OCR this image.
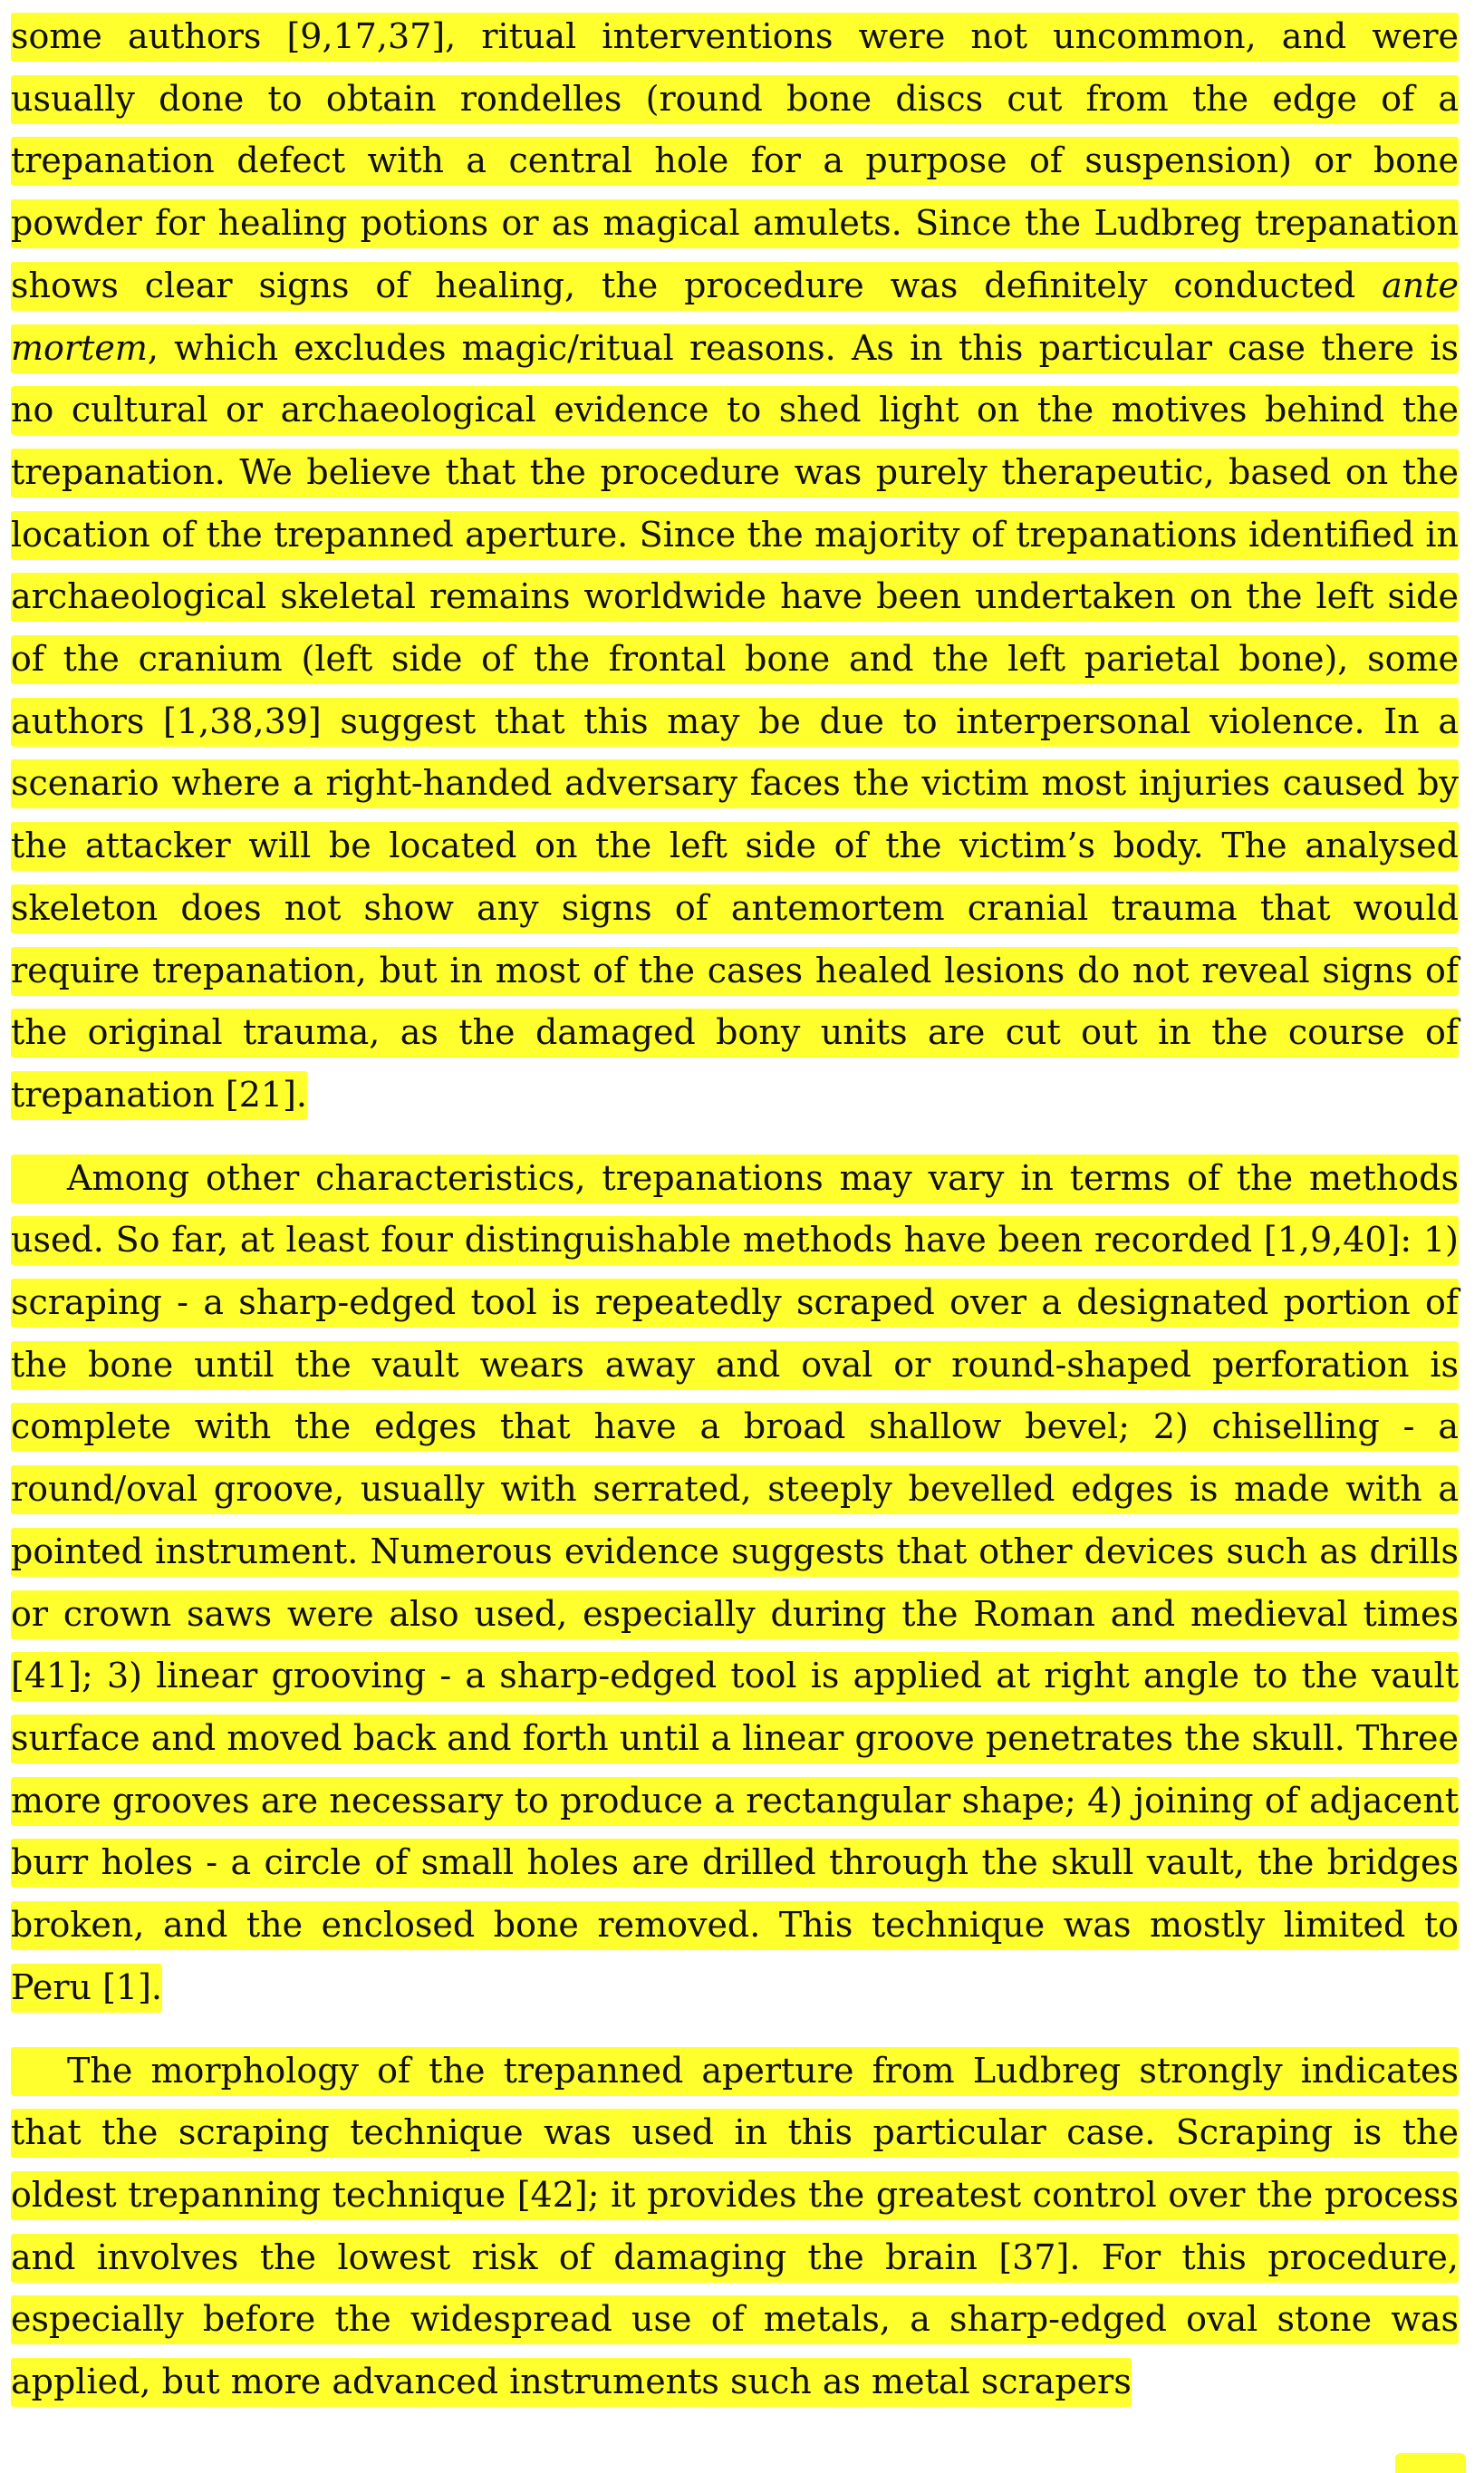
some authors [9,17,37], ritual interventions were not uncommon, and were usually done to obtain rondelles (round bone discs cut from the edge of a trepanation defect with a central hole for a purpose of suspension) or bone powder for healing potions or as magical amulets. Since the Ludbreg trepanation shows clear signs of healing, the procedure was definitely conducted ante mortem, which excludes magic/ritual reasons. As in this particular case there is no cultural or archaeological evidence to shed light on the motives behind the trepanation. We believe that the procedure was purely therapeutic, based on the location of the trepanned aperture. Since the majority of trepanations identified in archaeological skeletal remains worldwide have been undertaken on the left side of the cranium (left side of the frontal bone and the left parietal bone), some authors [1,38,39] suggest that this may be due to interpersonal violence. In a scenario where a right-handed adversary faces the victim most injuries caused by the attacker will be located on the left side of the victim’s body. The analysed skeleton does not show any signs of antemortem cranial trauma that would require trepanation, but in most of the cases healed lesions do not reveal signs of the original trauma, as the damaged bony units are cut out in the course of trepanation [21].

Among other characteristics, trepanations may vary in terms of the methods used. So far, at least four distinguishable methods have been recorded [1,9,40]: 1) scraping - a sharp-edged tool is repeatedly scraped over a designated portion of the bone until the vault wears away and oval or round-shaped perforation is complete with the edges that have a broad shallow bevel; 2) chiselling - a round/oval groove, usually with serrated, steeply bevelled edges is made with a pointed instrument. Numerous evidence suggests that other devices such as drills or crown saws were also used, especially during the Roman and medieval times [41]; 3) linear grooving - a sharp-edged tool is applied at right angle to the vault surface and moved back and forth until a linear groove penetrates the skull. Three more grooves are necessary to produce a rectangular shape; 4) joining of adjacent burr holes - a circle of small holes are drilled through the skull vault, the bridges broken, and the enclosed bone removed. This technique was mostly limited to Peru [1].

The morphology of the trepanned aperture from Ludbreg strongly indicates that the scraping technique was used in this particular case. Scraping is the oldest trepanning technique [42]; it provides the greatest control over the process and involves the lowest risk of damaging the brain [37]. For this procedure, especially before the widespread use of metals, a sharp-edged oval stone was applied, but more advanced instruments such as metal scrapers
